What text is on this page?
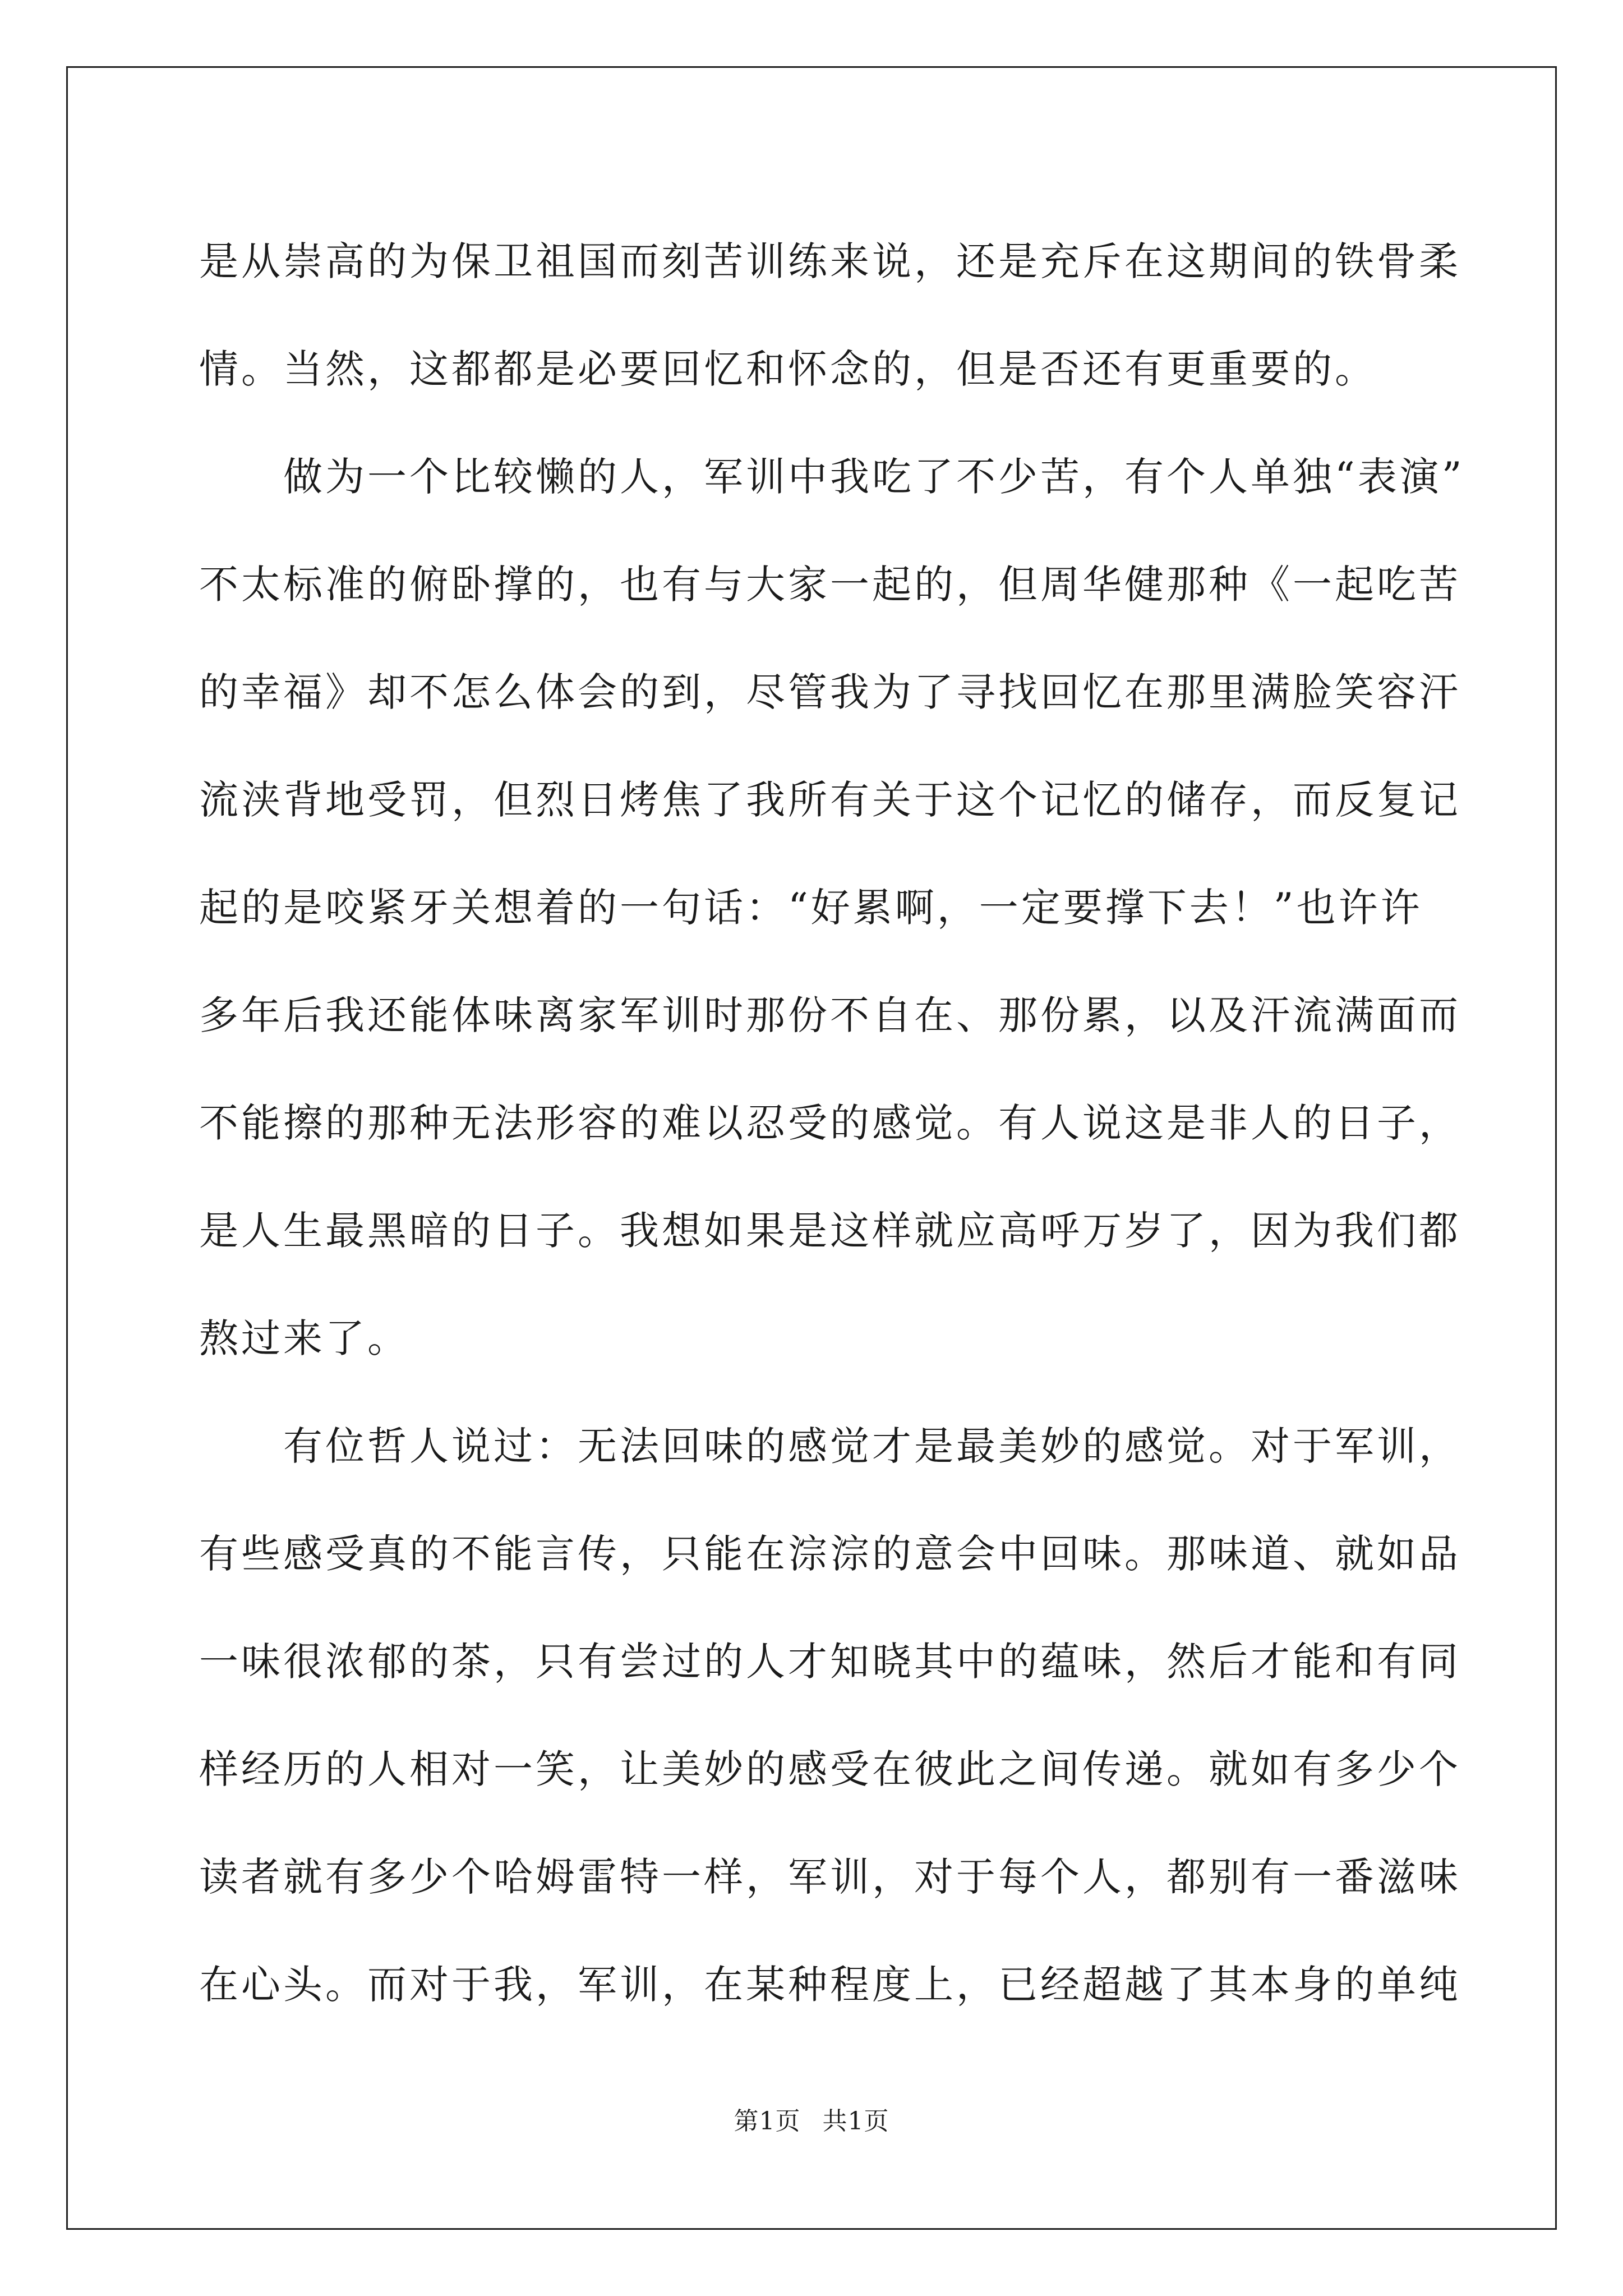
是从崇高的为保卫祖国而刻苦训练来说，还是充斥在这期间的铁骨柔
情。当然，这都都是必要回忆和怀念的，但是否还有更重要的。
　　做为一个比较懒的人，军训中我吃了不少苦，有个人单独“表演”
不太标准的俯卧撑的，也有与大家一起的，但周华健那种《一起吃苦
的幸福》却不怎么体会的到，尽管我为了寻找回忆在那里满脸笑容汗
流浃背地受罚，但烈日烤焦了我所有关于这个记忆的储存，而反复记
起的是咬紧牙关想着的一句话：“好累啊，一定要撑下去！”也许许
多年后我还能体味离家军训时那份不自在、那份累，以及汗流满面而
不能擦的那种无法形容的难以忍受的感觉。有人说这是非人的日子，
是人生最黑暗的日子。我想如果是这样就应高呼万岁了，因为我们都
熬过来了。
　　有位哲人说过：无法回味的感觉才是最美妙的感觉。对于军训，
有些感受真的不能言传，只能在淙淙的意会中回味。那味道、就如品
一味很浓郁的茶，只有尝过的人才知晓其中的蕴味，然后才能和有同
样经历的人相对一笑，让美妙的感受在彼此之间传递。就如有多少个
读者就有多少个哈姆雷特一样，军训，对于每个人，都别有一番滋味
在心头。而对于我，军训，在某种程度上，已经超越了其本身的单纯
第1页 共1页
